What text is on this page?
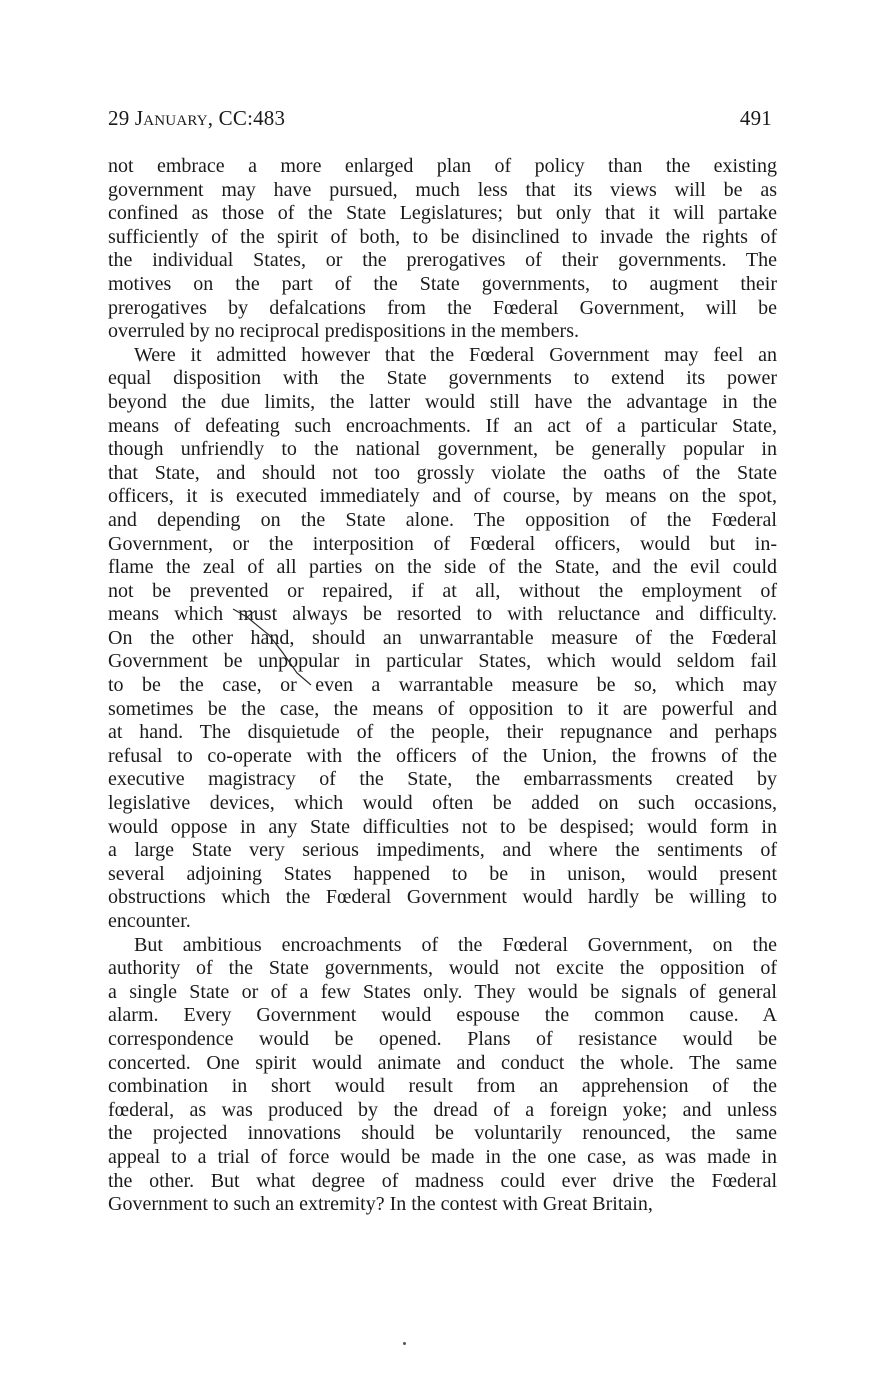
29 January, CC:483	491

not embrace a more enlarged plan of policy than the existing
government may have pursued, much less that its views will be as
confined as those of the State Legislatures; but only that it will partake
sufficiently of the spirit of both, to be disinclined to invade the rights of
the individual States, or the prerogatives of their governments. The
motives on the part of the State governments, to augment their
prerogatives by defalcations from the Fœderal Government, will be
overruled by no reciprocal predispositions in the members.

Were it admitted however that the Fœderal Government may feel an
equal disposition with the State governments to extend its power
beyond the due limits, the latter would still have the advantage in the
means of defeating such encroachments. If an act of a particular State,
though unfriendly to the national government, be generally popular in
that State, and should not too grossly violate the oaths of the State
officers, it is executed immediately and of course, by means on the spot,
and depending on the State alone. The opposition of the Fœderal
Government, or the interposition of Fœderal officers, would but in-
flame the zeal of all parties on the side of the State, and the evil could
not be prevented or repaired, if at all, without the employment of
means which must always be resorted to with reluctance and difficulty.
On the other hand, should an unwarrantable measure of the Fœderal
Government be unpopular in particular States, which would seldom fail
to be the case, or even a warrantable measure be so, which may
sometimes be the case, the means of opposition to it are powerful and
at hand. The disquietude of the people, their repugnance and perhaps
refusal to co-operate with the officers of the Union, the frowns of the
executive magistracy of the State, the embarrassments created by
legislative devices, which would often be added on such occasions,
would oppose in any State difficulties not to be despised; would form in
a large State very serious impediments, and where the sentiments of
several adjoining States happened to be in unison, would present
obstructions which the Fœderal Government would hardly be willing to
encounter.

But ambitious encroachments of the Fœderal Government, on the
authority of the State governments, would not excite the opposition of
a single State or of a few States only. They would be signals of general
alarm. Every Government would espouse the common cause. A
correspondence would be opened. Plans of resistance would be
concerted. One spirit would animate and conduct the whole. The same
combination in short would result from an apprehension of the
fœderal, as was produced by the dread of a foreign yoke; and unless
the projected innovations should be voluntarily renounced, the same
appeal to a trial of force would be made in the one case, as was made in
the other. But what degree of madness could ever drive the Fœderal
Government to such an extremity? In the contest with Great Britain,
